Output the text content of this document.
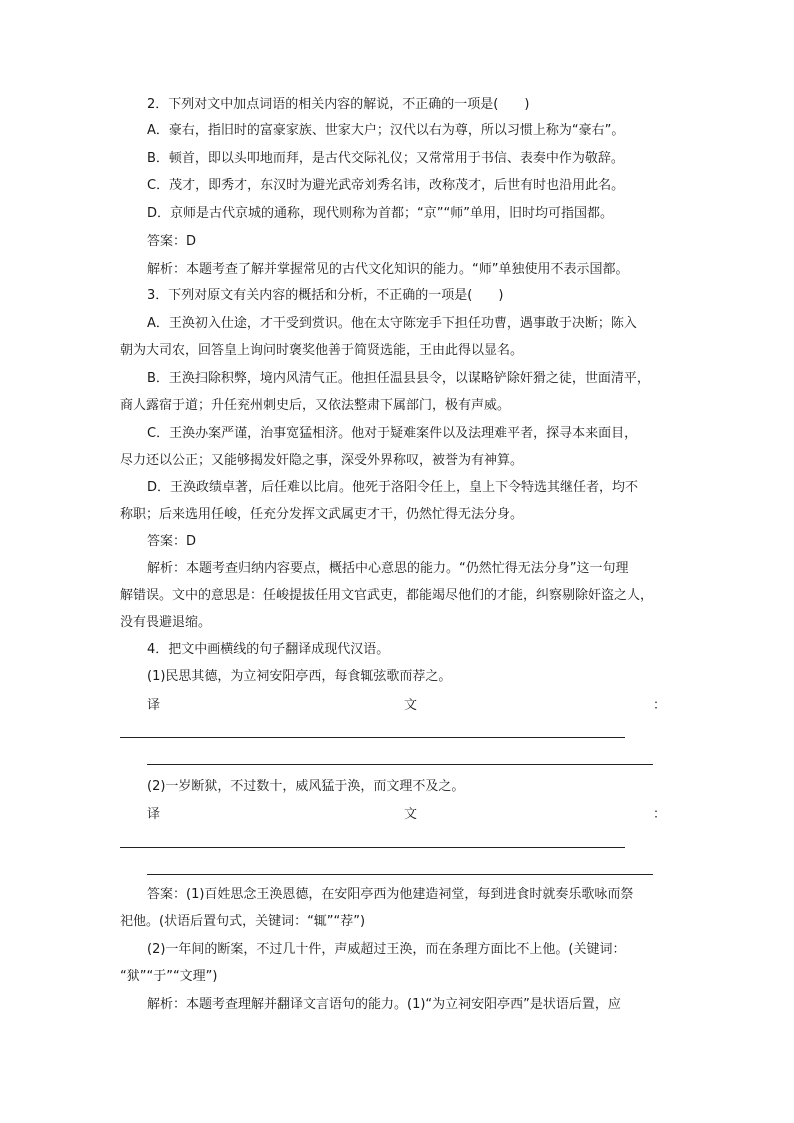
2．下列对文中加点词语的相关内容的解说，不正确的一项是(　　)
A．豪右，指旧时的富豪家族、世家大户；汉代以右为尊，所以习惯上称为“豪右”。
B．顿首，即以头叩地而拜，是古代交际礼仪；又常常用于书信、表奏中作为敬辞。
C．茂才，即秀才，东汉时为避光武帝刘秀名讳，改称茂才，后世有时也沿用此名。
D．京师是古代京城的通称，现代则称为首都；“京”“师”单用，旧时均可指国都。
答案：D
解析：本题考查了解并掌握常见的古代文化知识的能力。“师”单独使用不表示国都。
3．下列对原文有关内容的概括和分析，不正确的一项是(　　)
A．王涣初入仕途，才干受到赏识。他在太守陈宠手下担任功曹，遇事敢于决断；陈入
朝为大司农，回答皇上询问时褒奖他善于简贤选能，王由此得以显名。
B．王涣扫除积弊，境内风清气正。他担任温县县令，以谋略铲除奸猾之徒，世面清平，
商人露宿于道；升任兖州刺史后，又依法整肃下属部门，极有声威。
C．王涣办案严谨，治事宽猛相济。他对于疑难案件以及法理难平者，探寻本来面目，
尽力还以公正；又能够揭发奸隐之事，深受外界称叹，被誉为有神算。
D．王涣政绩卓著，后任难以比肩。他死于洛阳令任上，皇上下令特选其继任者，均不
称职；后来选用任峻，任充分发挥文武属吏才干，仍然忙得无法分身。
答案：D
解析：本题考查归纳内容要点，概括中心意思的能力。“仍然忙得无法分身”这一句理
解错误。文中的意思是：任峻提拔任用文官武吏，都能竭尽他们的才能，纠察剔除奸盗之人，
没有畏避退缩。
4．把文中画横线的句子翻译成现代汉语。
(1)民思其德，为立祠安阳亭西，每食辄弦歌而荐之。
译	文	：
(2)一岁断狱，不过数十，威风猛于涣，而文理不及之。
译	文	：
答案：(1)百姓思念王涣恩德，在安阳亭西为他建造祠堂，每到进食时就奏乐歌咏而祭
祀他。(状语后置句式，关键词：“辄”“荐”)
(2)一年间的断案，不过几十件，声威超过王涣，而在条理方面比不上他。(关键词：
“狱”“于”“文理”)
解析：本题考查理解并翻译文言语句的能力。(1)“为立祠安阳亭西”是状语后置，应
